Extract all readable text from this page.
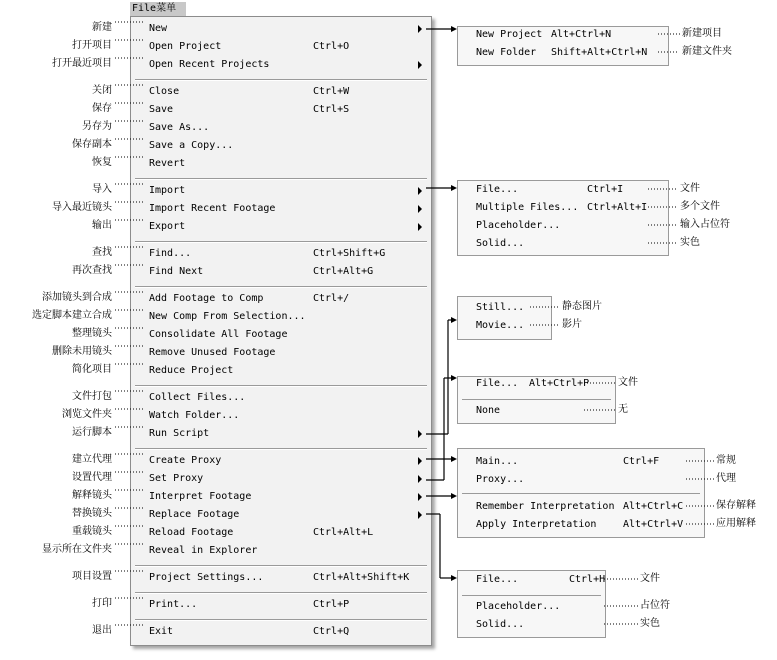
File菜单
New
Open Project	Ctrl+O
Open Recent Projects
Close	Ctrl+W
Save	Ctrl+S
Save As...
Save a Copy...
Revert
Import
Import Recent Footage
Export
Find...	Ctrl+Shift+G
Find Next	Ctrl+Alt+G
Add Footage to Comp	Ctrl+/
New Comp From Selection...
Consolidate All Footage
Remove Unused Footage
Reduce Project
Collect Files...
Watch Folder...
Run Script
Create Proxy
Set Proxy
Interpret Footage
Replace Footage
Reload Footage	Ctrl+Alt+L
Reveal in Explorer
Project Settings...	Ctrl+Alt+Shift+K
Print...	Ctrl+P
Exit	Ctrl+Q
新建
打开项目
打开最近项目
关闭
保存
另存为
保存副本
恢复
导入
导入最近镜头
输出
查找
再次查找
添加镜头到合成
选定脚本建立合成
整理镜头
删除未用镜头
简化项目
文件打包
浏览文件夹
运行脚本
建立代理
设置代理
解释镜头
替换镜头
重载镜头
显示所在文件夹
项目设置
打印
退出
新建项目
新建文件夹
New Project Alt+Ctrl+N
New Folder Shift+Alt+Ctrl+N
文件
多个文件
输入占位符
实色
File...	Ctrl+I
Multiple Files... Ctrl+Alt+I
Placeholder...
Solid...
静态图片
影片
Still...
Movie...
文件
无
File... Alt+Ctrl+P
None
常规
代理
保存解释
应用解释
Main...	Ctrl+F
Proxy...
Remember Interpretation Alt+Ctrl+C
Apply Interpretation	Alt+Ctrl+V
文件
占位符
实色
File...	Ctrl+H
Placeholder...
Solid...
